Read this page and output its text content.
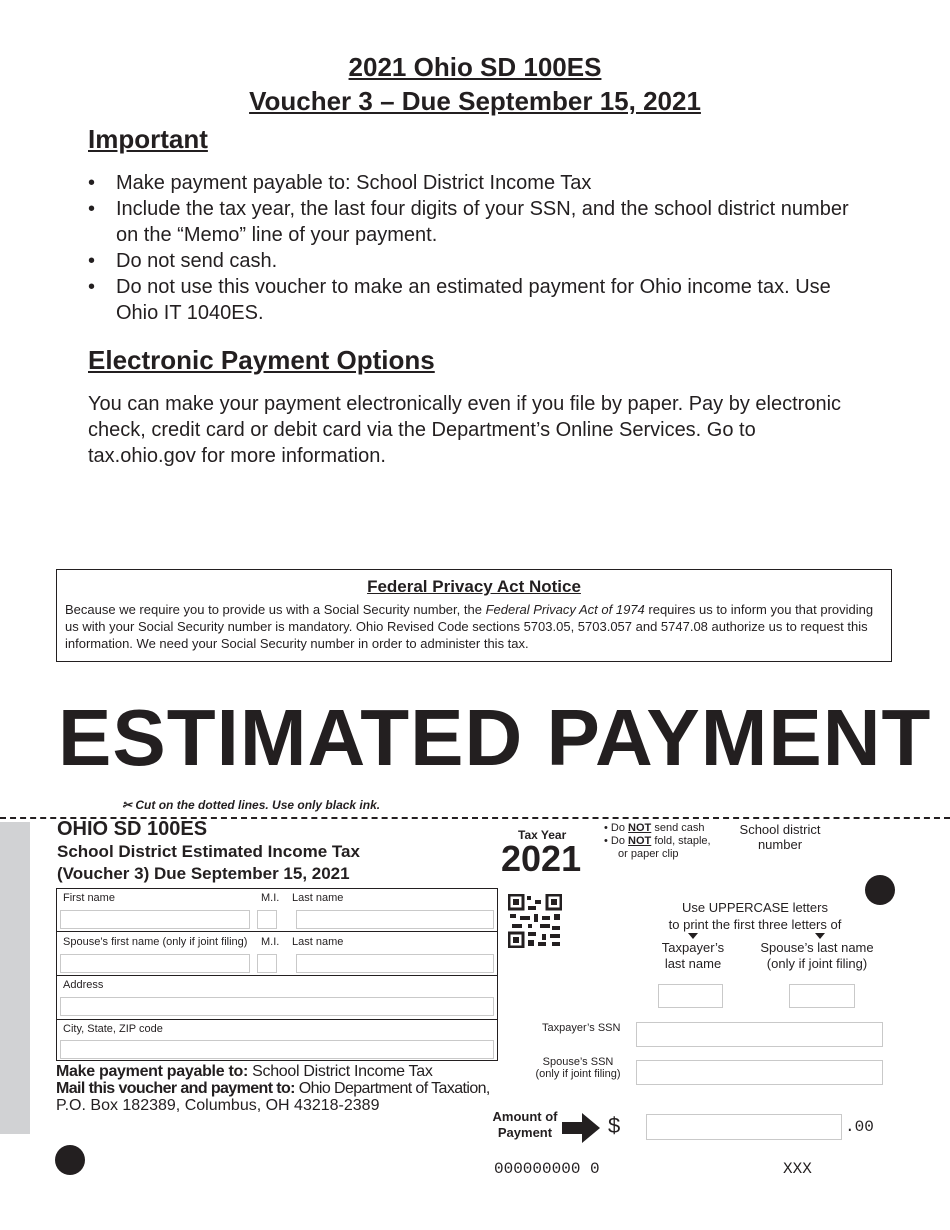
2021 Ohio SD 100ES
Voucher 3 – Due September 15, 2021
Important
• Make payment payable to: School District Income Tax
• Include the tax year, the last four digits of your SSN, and the school district number on the “Memo” line of your payment.
• Do not send cash.
• Do not use this voucher to make an estimated payment for Ohio income tax. Use Ohio IT 1040ES.
Electronic Payment Options
You can make your payment electronically even if you file by paper. Pay by electronic check, credit card or debit card via the Department’s Online Services. Go to tax.ohio.gov for more information.
Federal Privacy Act Notice
Because we require you to provide us with a Social Security number, the Federal Privacy Act of 1974 requires us to inform you that providing us with your Social Security number is mandatory. Ohio Revised Code sections 5703.05, 5703.057 and 5747.08 authorize us to request this information. We need your Social Security number in order to administer this tax.
ESTIMATED PAYMENT
✂ Cut on the dotted lines. Use only black ink.
OHIO SD 100ES
School District Estimated Income Tax
(Voucher 3) Due September 15, 2021
Tax Year
2021
• Do NOT send cash
• Do NOT fold, staple,
or paper clip
School district number
Use UPPERCASE letters
to print the first three letters of
Taxpayer’s last name
Spouse’s last name (only if joint filing)
Taxpayer’s SSN
Spouse’s SSN (only if joint filing)
Amount of Payment	$	.00
First name	M.I. Last name
Spouse’s first name (only if joint filing) M.I. Last name
Address
City, State, ZIP code
Make payment payable to: School District Income Tax
Mail this voucher and payment to: Ohio Department of Taxation,
P.O. Box 182389, Columbus, OH 43218-2389
000000000 0	XXX
